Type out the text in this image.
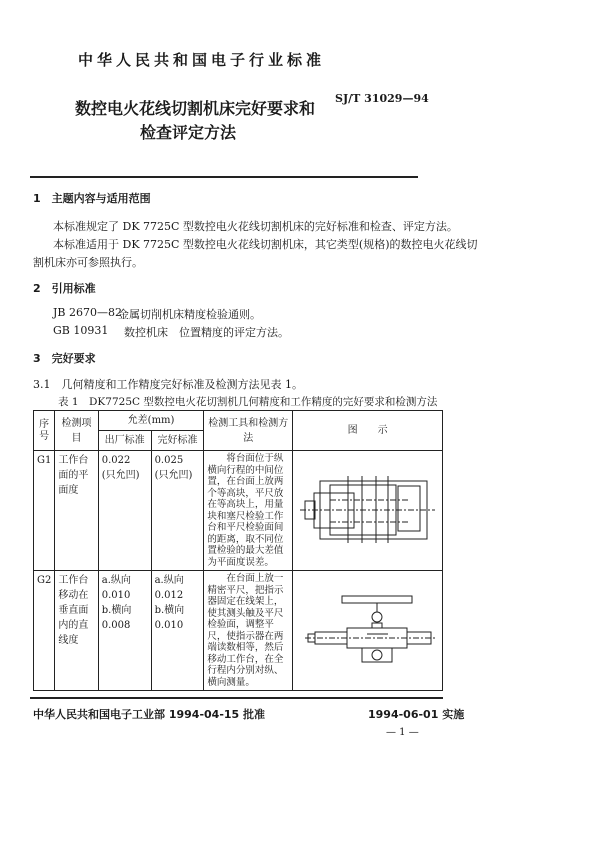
中华人民共和国电子行业标准
数控电火花线切割机床完好要求和
检查评定方法
SJ/T 31029—94
1　主题内容与适用范围
本标准规定了 DK 7725C 型数控电火花线切割机床的完好标准和检查、评定方法。
本标准适用于 DK 7725C 型数控电火花线切割机床，其它类型(规格)的数控电火花线切
割机床亦可参照执行。
2　引用标准
JB 2670—82
金属切削机床精度检验通则。
GB 10931 数控机床　位置精度的评定方法。
3　完好要求
3.1　几何精度和工作精度完好标准及检测方法见表 1。
表 1　DK7725C 型数控电火花切割机几何精度和工作精度的完好要求和检测方法
序号	检测项目	允差(mm)		检测工具和检测方法	图　　示
		出厂标准	完好标准		
G1	工作台面的平面度	0.022
(只允凹)	0.025
(只允凹)	将台面位于纵横向行程的中间位置，在台面上放两个等高块，平尺放在等高块上，用量块和塞尺检验工作台和平尺检验面间的距离，取不同位置检验的最大差值为平面度误差。	
G2	工作台移动在垂直面内的直线度	a.纵向
0.010
b.横向
0.008	a.纵向
0.012
b.横向
0.010	在台面上放一精密平尺，把指示器固定在线架上，使其测头触及平尺检验面，调整平尺，使指示器在两端读数相等，然后移动工作台，在全行程内分别对纵、横向测量。	
中华人民共和国电子工业部 1994-04-15 批准	1994-06-01 实施
— 1 —
